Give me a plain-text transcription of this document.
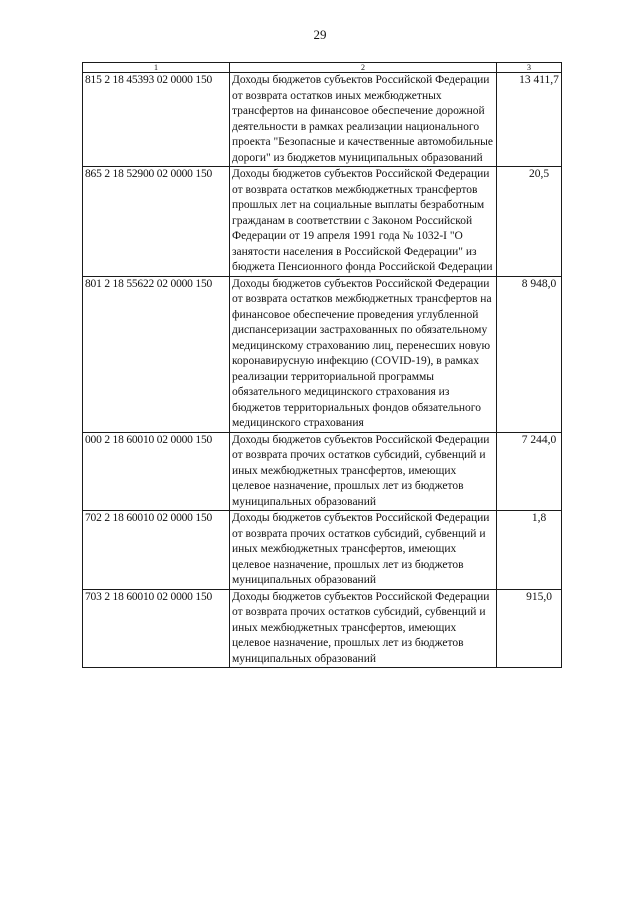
29
1	2	3
815 2 18 45393 02 0000 150	Доходы бюджетов субъектов Российской Федерации от возврата остатков иных межбюджетных трансфертов на финансовое обеспечение дорожной деятельности в рамках реализации национального проекта "Безопасные и качественные автомобильные дороги" из бюджетов муниципальных образований	13 411,7
865 2 18 52900 02 0000 150	Доходы бюджетов субъектов Российской Федерации от возврата остатков межбюджетных трансфертов прошлых лет на социальные выплаты безработным гражданам в соответствии с Законом Российской Федерации от 19 апреля 1991 года № 1032-I "О занятости населения в Российской Федерации" из бюджета Пенсионного фонда Российской Федерации	20,5
801 2 18 55622 02 0000 150	Доходы бюджетов субъектов Российской Федерации от возврата остатков межбюджетных трансфертов на финансовое обеспечение проведения углубленной диспансеризации застрахованных по обязательному медицинскому страхованию лиц, перенесших новую коронавирусную инфекцию (COVID-19), в рамках реализации территориальной программы обязательного медицинского страхования из бюджетов территориальных фондов обязательного медицинского страхования	8 948,0
000 2 18 60010 02 0000 150	Доходы бюджетов субъектов Российской Федерации от возврата прочих остатков субсидий, субвенций и иных межбюджетных трансфертов, имеющих целевое назначение, прошлых лет из бюджетов муниципальных образований	7 244,0
702 2 18 60010 02 0000 150	Доходы бюджетов субъектов Российской Федерации от возврата прочих остатков субсидий, субвенций и иных межбюджетных трансфертов, имеющих целевое назначение, прошлых лет из бюджетов муниципальных образований	1,8
703 2 18 60010 02 0000 150	Доходы бюджетов субъектов Российской Федерации от возврата прочих остатков субсидий, субвенций и иных межбюджетных трансфертов, имеющих целевое назначение, прошлых лет из бюджетов муниципальных образований	915,0
